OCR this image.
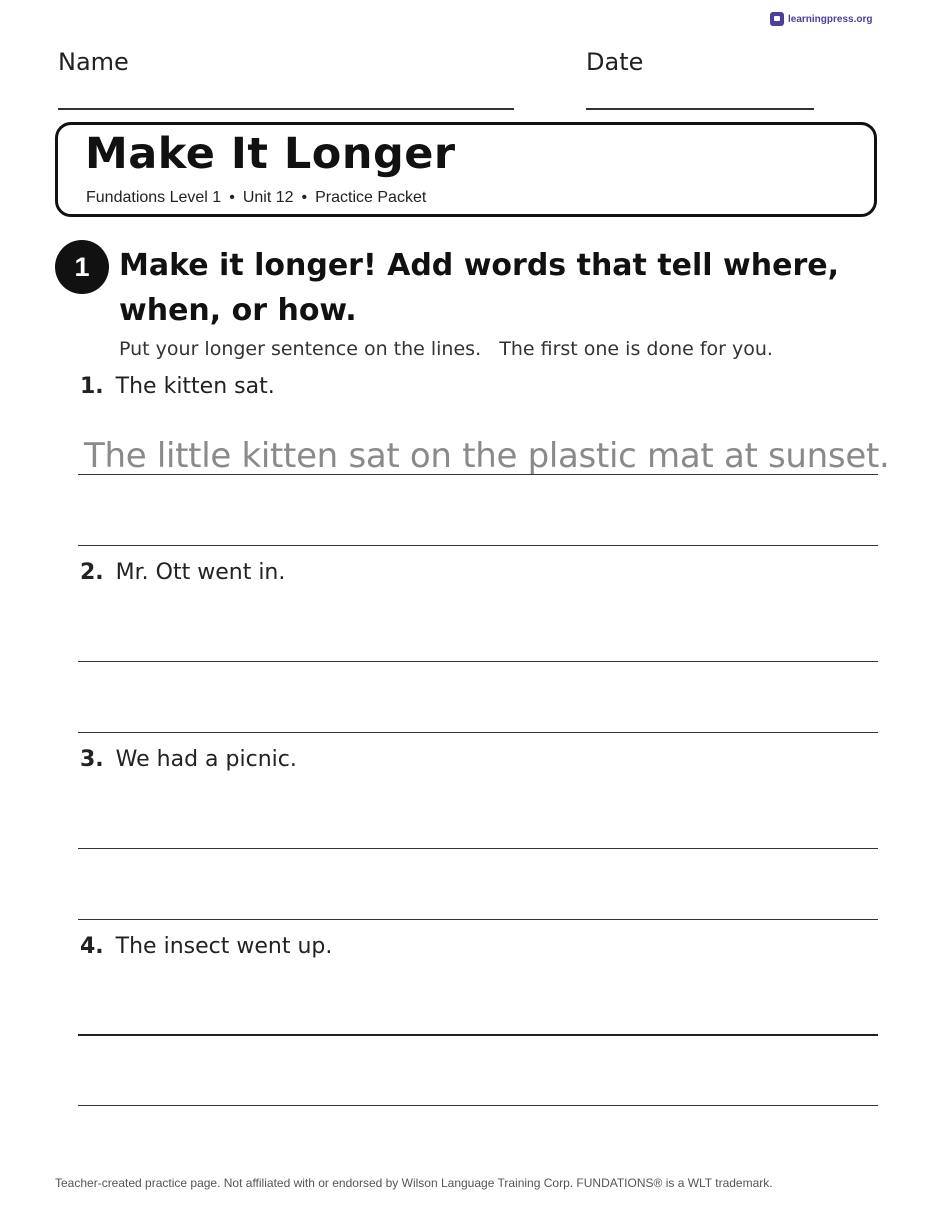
learningpress.org
Name	Date
Make It Longer
Fundations Level 1 • Unit 12 • Practice Packet
1 Make it longer! Add words that tell where, when, or how.
Put your longer sentence on the lines.   The first one is done for you.
1. The kitten sat.
The little kitten sat on the plastic mat at sunset.
2. Mr. Ott went in.
3. We had a picnic.
4. The insect went up.
Teacher-created practice page. Not affiliated with or endorsed by Wilson Language Training Corp. FUNDATIONS® is a WLT trademark.
